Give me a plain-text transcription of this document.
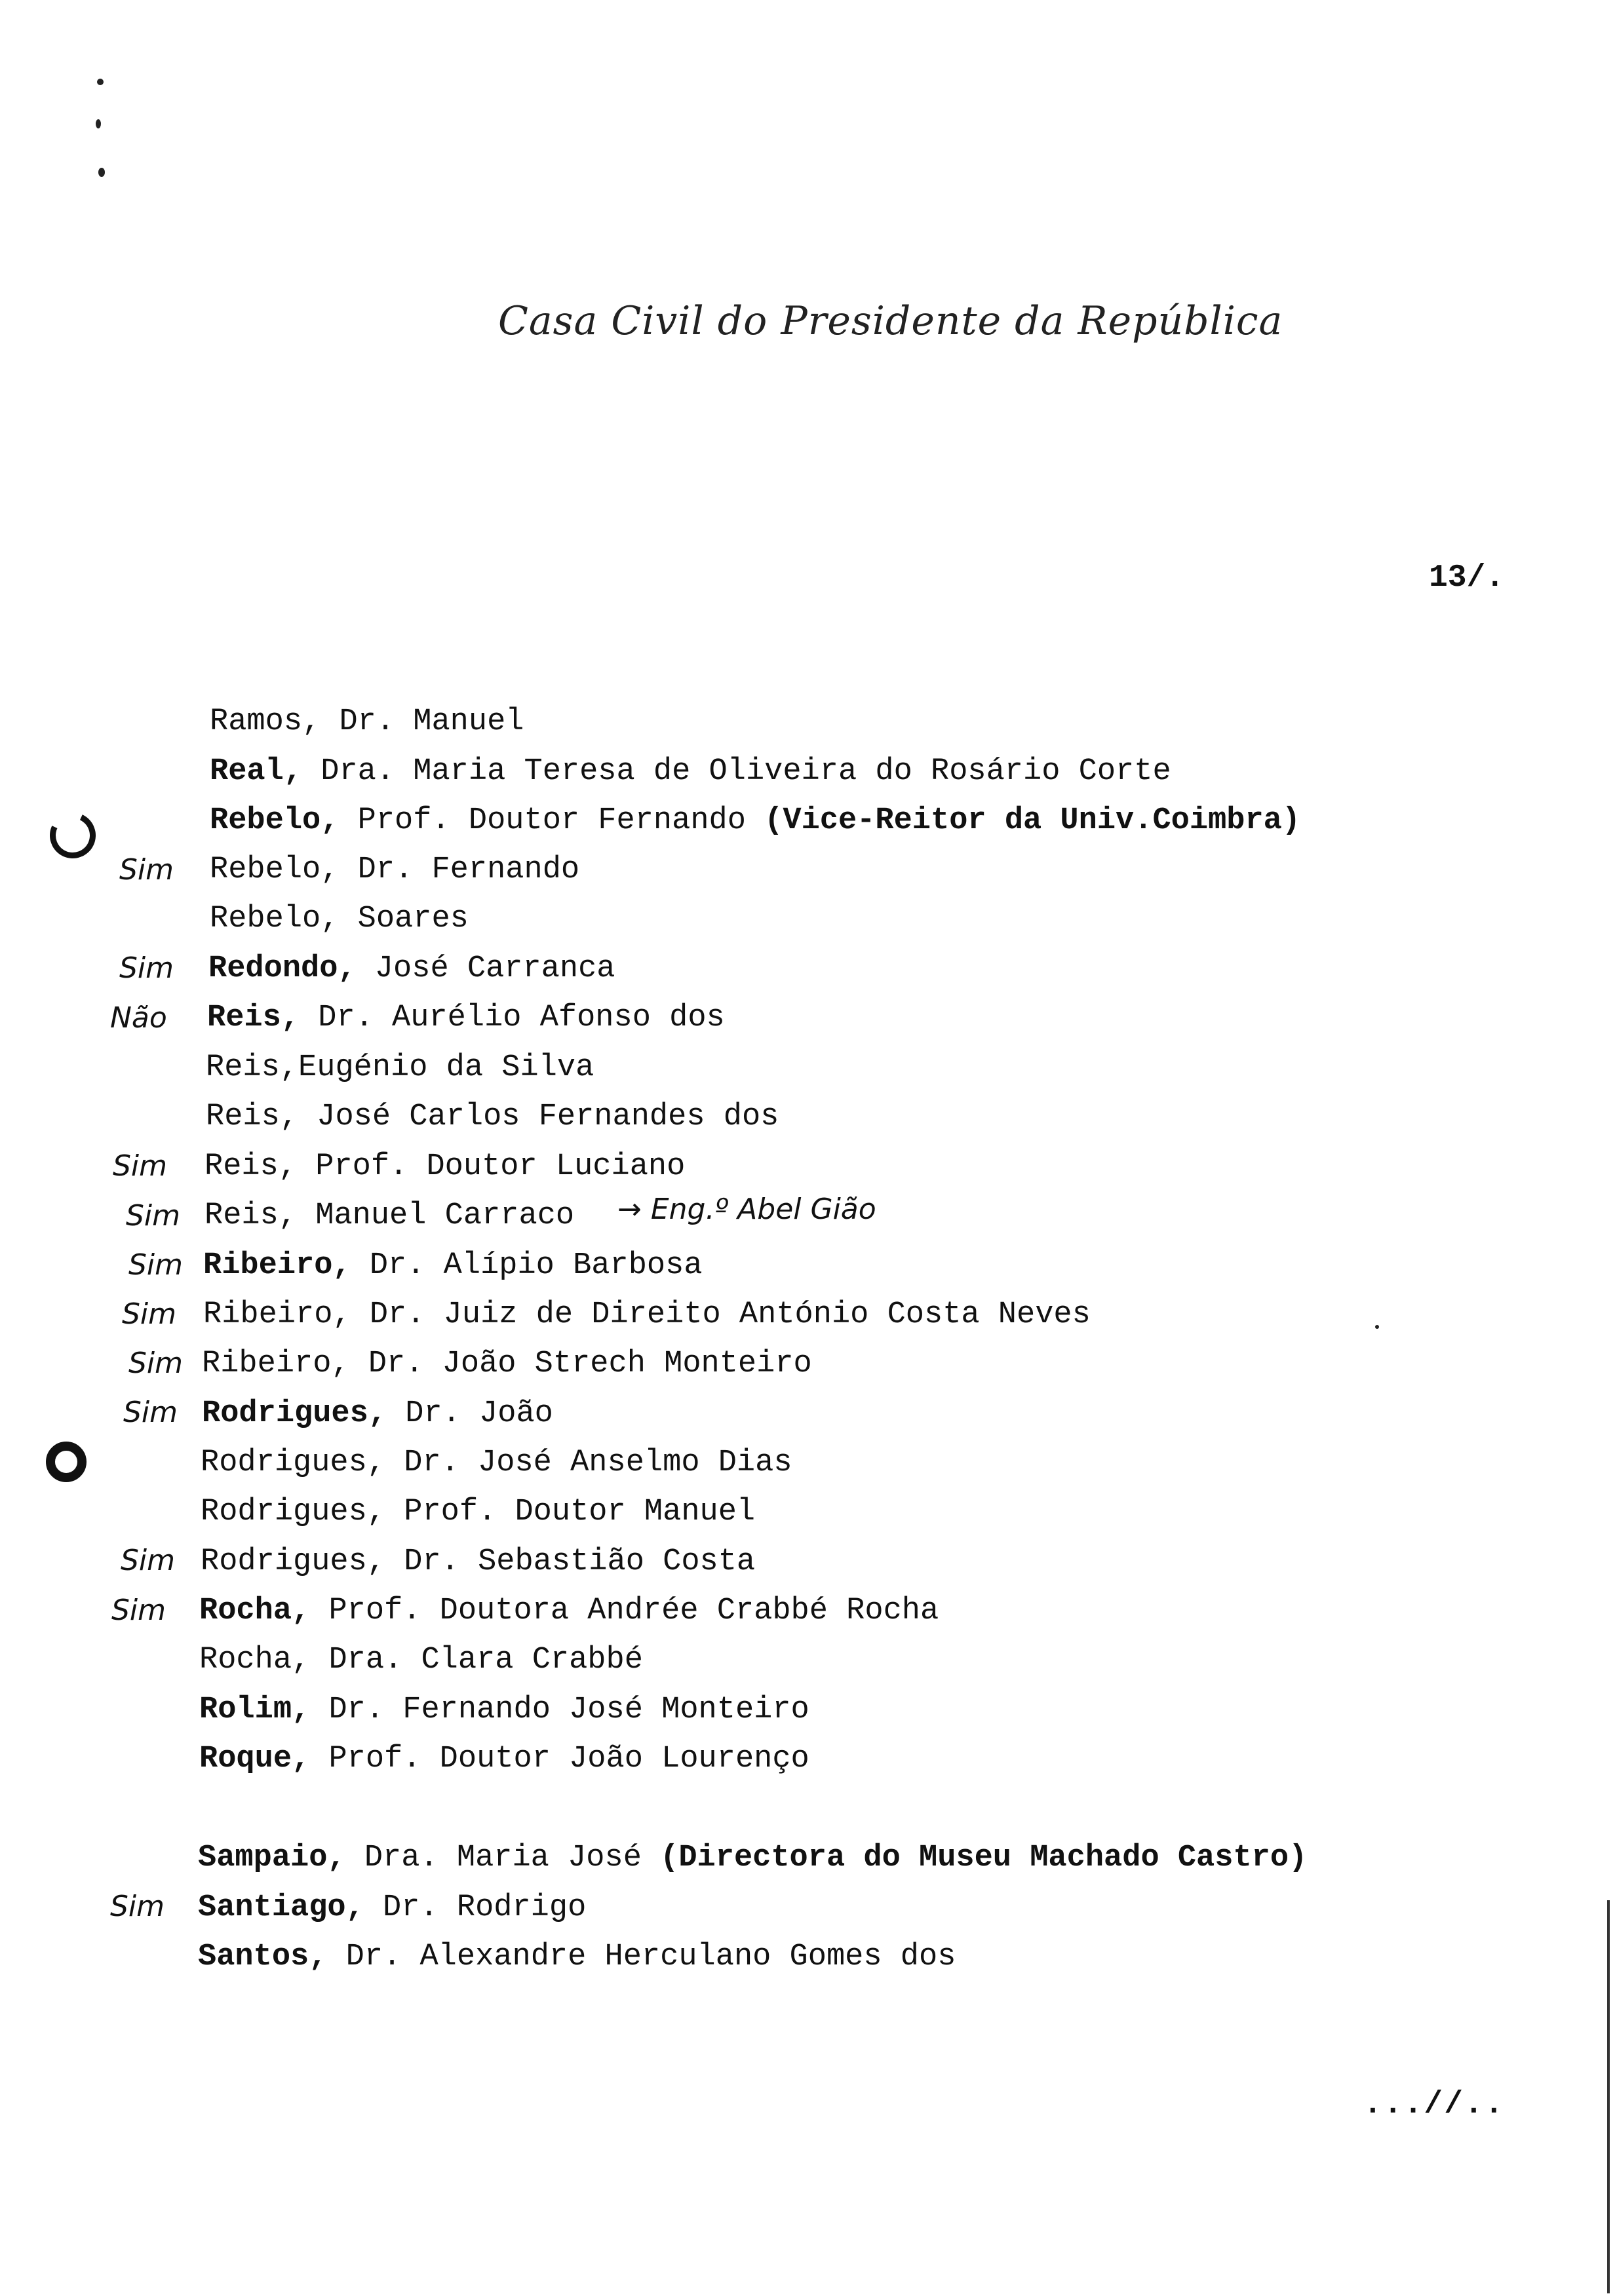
Casa Civil do Presidente da República
13/.
Ramos, Dr. Manuel
Real, Dra. Maria Teresa de Oliveira do Rosário Corte
Rebelo, Prof. Doutor Fernando (Vice-Reitor da Univ.Coimbra)
Rebelo, Dr. Fernando
Rebelo, Soares
Redondo, José Carranca
Reis, Dr. Aurélio Afonso dos
Reis,Eugénio da Silva
Reis, José Carlos Fernandes dos
Reis, Prof. Doutor Luciano
Reis, Manuel Carraco
Ribeiro, Dr. Alípio Barbosa
Ribeiro, Dr. Juiz de Direito António Costa Neves
Ribeiro, Dr. João Strech Monteiro
Rodrigues, Dr. João
Rodrigues, Dr. José Anselmo Dias
Rodrigues, Prof. Doutor Manuel
Rodrigues, Dr. Sebastião Costa
Rocha, Prof. Doutora Andrée Crabbé Rocha
Rocha, Dra. Clara Crabbé
Rolim, Dr. Fernando José Monteiro
Roque, Prof. Doutor João Lourenço
Sampaio, Dra. Maria José (Directora do Museu Machado Castro)
Santiago, Dr. Rodrigo
Santos, Dr. Alexandre Herculano Gomes dos
Sim
Sim
Não
Sim
Sim
Sim
Sim
Sim
Sim
Sim
Sim
Sim
→ Eng.º Abel Gião
...//..
